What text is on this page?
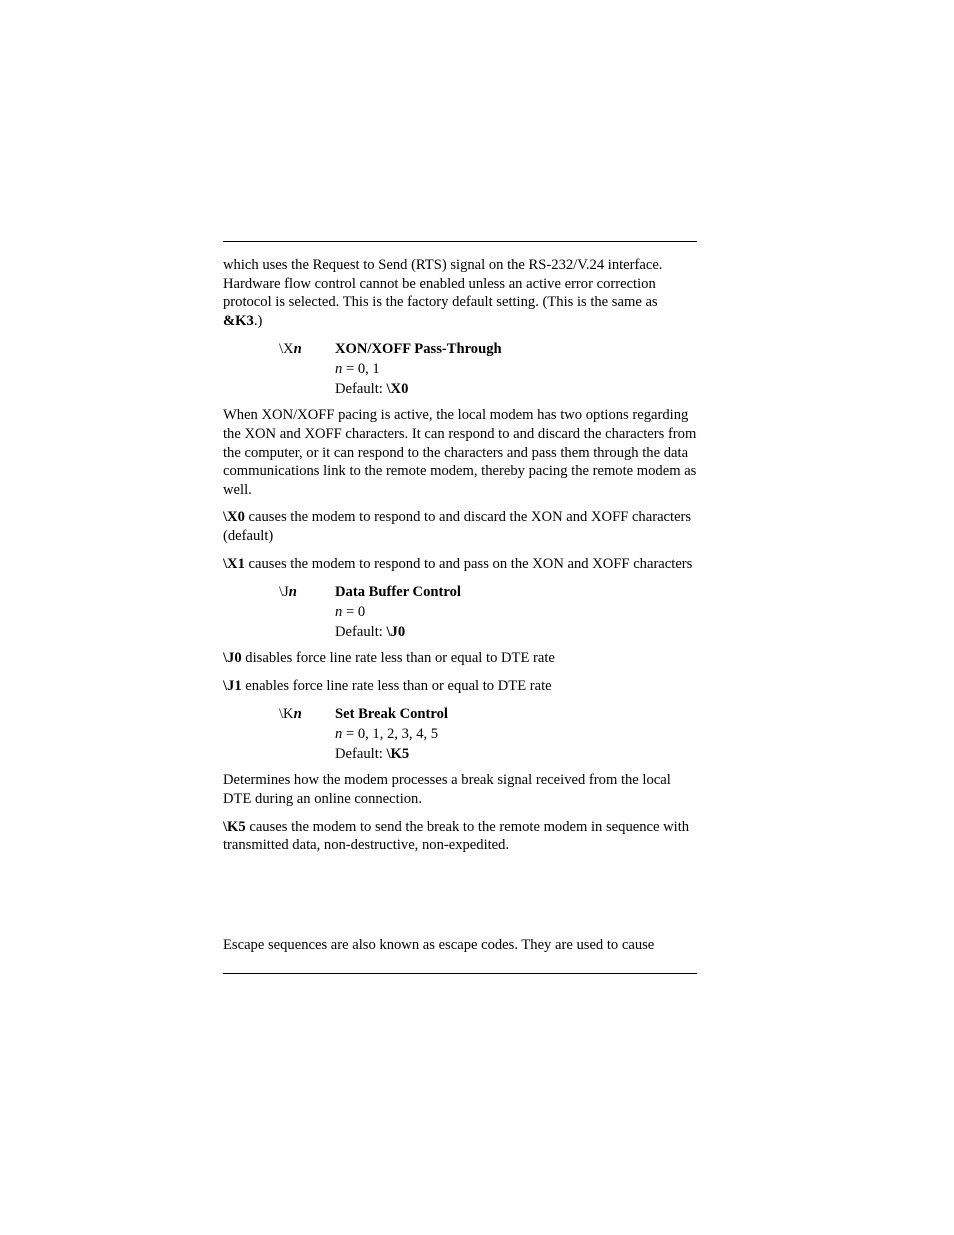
which uses the Request to Send (RTS) signal on the RS-232/V.24 interface. Hardware flow control cannot be enabled unless an active error correction protocol is selected. This is the factory default setting. (This is the same as &K3.)

\Xn XON/XOFF Pass-Through
n = 0, 1
Default: \X0

When XON/XOFF pacing is active, the local modem has two options regarding the XON and XOFF characters. It can respond to and discard the characters from the computer, or it can respond to the characters and pass them through the data communications link to the remote modem, thereby pacing the remote modem as well.

\X0 causes the modem to respond to and discard the XON and XOFF characters (default)

\X1 causes the modem to respond to and pass on the XON and XOFF characters

\Jn	Data Buffer Control
n = 0
Default: \J0

\J0 disables force line rate less than or equal to DTE rate

\J1 enables force line rate less than or equal to DTE rate

\Kn Set Break Control
n = 0, 1, 2, 3, 4, 5
Default: \K5

Determines how the modem processes a break signal received from the local DTE during an online connection.

\K5 causes the modem to send the break to the remote modem in sequence with transmitted data, non-destructive, non-expedited.

Escape sequences are also known as escape codes. They are used to cause
